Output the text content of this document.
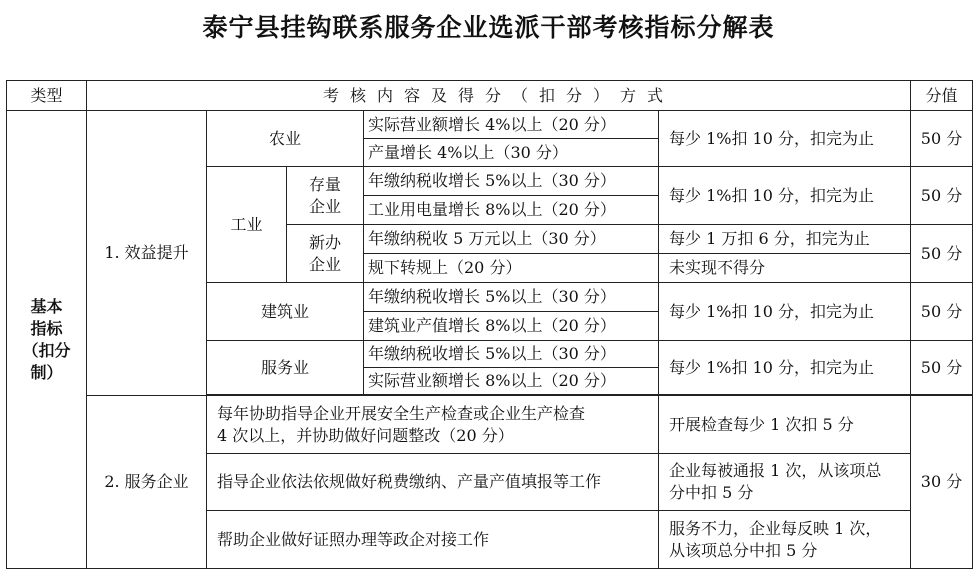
泰宁县挂钩联系服务企业选派干部考核指标分解表
类型	考核内容及得分（扣分）方式					分值

基本
指标
（扣分
制）	1. 效益提升	农业		实际营业额增长 4%以上（20 分）	每少 1%扣 10 分，扣完为止	50 分
				产量增长 4%以上（30 分）		
		工业	存量
企业	年缴纳税收增长 5%以上（30 分）	每少 1%扣 10 分，扣完为止	50 分
				工业用电量增长 8%以上（20 分）		

			新办
企业	年缴纳税收 5 万元以上（30 分）	每少 1 万扣 6 分，扣完为止	50 分
				规下转规上（20 分）	未实现不得分	
		建筑业		年缴纳税收增长 5%以上（30 分）	每少 1%扣 10 分，扣完为止	50 分
				建筑业产值增长 8%以上（20 分）		
		服务业		年缴纳税收增长 5%以上（30 分）	每少 1%扣 10 分，扣完为止	50 分
				实际营业额增长 8%以上（20 分）		

	2. 服务企业	每年协助指导企业开展安全生产检查或企业生产检查
4 次以上，并协助做好问题整改（20 分）			开展检查每少 1 次扣 5 分	30 分
		指导企业依法依规做好税费缴纳、产量产值填报等工作			企业每被通报 1 次，从该项总
分中扣 5 分	

		帮助企业做好证照办理等政企对接工作			服务不力，企业每反映 1 次，
从该项总分中扣 5 分	
